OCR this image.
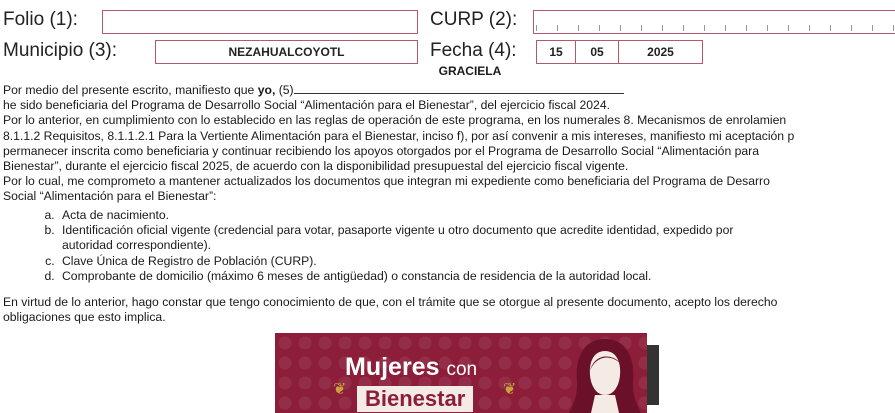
Folio (1):	CURP (2):
Municipio (3):	NEZAHUALCOYOTL	Fecha (4):	15	05	2025

Por medio del presente escrito, manifiesto que yo, (5)
GRACIELA

he sido beneficiaria del Programa de Desarrollo Social “Alimentación para el Bienestar”, del ejercicio fiscal 2024.

Por lo anterior, en cumplimiento con lo establecido en las reglas de operación de este programa, en los numerales 8. Mecanismos de enrolamien

8.1.1.2 Requisitos, 8.1.1.2.1 Para la Vertiente Alimentación para el Bienestar, inciso f), por así convenir a mis intereses, manifiesto mi aceptación p

permanecer inscrita como beneficiaria y continuar recibiendo los apoyos otorgados por el Programa de Desarrollo Social “Alimentación para

Bienestar”, durante el ejercicio fiscal 2025, de acuerdo con la disponibilidad presupuestal del ejercicio fiscal vigente.

Por lo cual, me comprometo a mantener actualizados los documentos que integran mi expediente como beneficiaria del Programa de Desarro

Social “Alimentación para el Bienestar”:

a. Acta de nacimiento.
b. Identificación oficial vigente (credencial para votar, pasaporte vigente u otro documento que acredite identidad, expedido por
autoridad correspondiente).
c. Clave Única de Registro de Población (CURP).
d. Comprobante de domicilio (máximo 6 meses de antigüedad) o constancia de residencia de la autoridad local.

En virtud de lo anterior, hago constar que tengo conocimiento de que, con el trámite que se otorgue al presente documento, acepto los derecho

obligaciones que esto implica.

Mujeres con
❦ Bienestar	❦
